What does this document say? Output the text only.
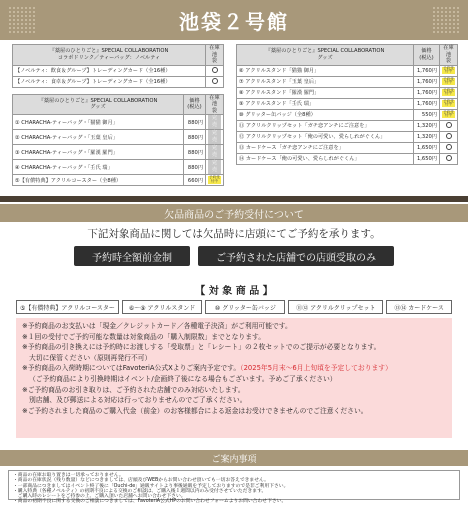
池袋２号館
『薬屋のひとりごと』SPECIAL COLLABORATION
コラボドリンク／ティーバッグ：ノベルティ	在庫
池　袋
【ノベルティ：飲食＆グループ】トレーディングカード（全16種）	
【ノベルティ：食卓＆グループ】トレーディングカード（全16種）	
『薬屋のひとりごと』SPECIAL COLLABORATION
グッズ	価格
(税込)	在庫
池　袋
① CHARACHA-ティーバッグ・「猫猫 御月」	880円	完売
② CHARACHA-ティーバッグ・「玉葉 皇后」	880円	完売
③ CHARACHA-ティーバッグ・「羅漢 羅門」	880円	完売
④ CHARACHA-ティーバッグ・「壬氏 瑞」	880円	完売
⑤【有償特典】アクリルコースター（全8種）	660円	予約受付中
『薬屋のひとりごと』SPECIAL COLLABORATION
グッズ	価格
(税込)	在庫
池　袋
⑥ アクリルスタンド「猫猫 御月」	1,760円	予約受付中
⑦ アクリルスタンド「玉葉 皇后」	1,760円	予約受付中
⑧ アクリルスタンド「羅漢 羅門」	1,760円	予約受付中
⑨ アクリルスタンド「壬氏 瑞」	1,760円	予約受付中
⑩ グリッター缶バッジ（全8種）	550円	予約受付中
⑪ アクリルクリップセット「ガチ恋アンチにご注意を」	1,320円	
⑫ アクリルクリップセット「俺の可愛い、愛らしれがぐくん」	1,320円	
⑬ カードケース「ガチ恋アンチにご注意を」	1,650円	
⑭ カードケース「俺の可愛い、愛らしれがぐくん」	1,650円	
欠品商品のご予約受付について
下記対象商品に関しては欠品時に店頭にてご予約を承ります。
予約時全額前金制	ご予約された店舗での店頭受取のみ
【 対 象 商 品 】
⑤【有償特典】アクリルコースター	⑥〜⑨ アクリルスタンド	⑩ グリッター缶バッジ	⑪⑫ アクリルクリップセット	⑬⑭ カードケース
※予約商品のお支払いは「現金／クレジットカード／各種電子決済」がご利用可能です。
※１回の受付でご予約可能な数量は対象商品の「購入制限数」までとなります。
※予約商品の引き換えには予約時にお渡しする「受取票」と「レシート」の２枚セットでのご提示が必要となります。
大切に保管ください（原則再発行不可）
※予約商品の入荷時期についてはFavoteriA公式Xよりご案内予定です。（2025年5月末〜6月上旬頃を予定しております）
（ご予約商品により引換時期はイベント/企画終了後になる場合もございます。予めご了承ください）
※ご予約商品のお引き取りは、ご予約された店舗でのみ対応いたします。
別店舗、及び郵送による対応は行っておりませんのでご了承ください。
※ご予約されました商品のご購入代金（前金）のお客様都合による返金はお受けできませんのでご注意ください。
ご案内事項
・商品の在庫お取り置きは一切承っておりません。
・商品の在庫状況（残り数量）などにつきましては、店頭及びWEBからお問い合わせ頂いても一切お答えできません。
・一部商品につきましてはイベント終了後に「Ouchi-de」通販サイトより事後通販を予定しておりますので是非ご利用下さい。
・購入特典（各種ノベルティ）の初期不良による交換のご相談は、ご購入後１週間以内のみ受付させていただきます。
　ご購入時のレシートをご持参の上、ご購入頂いた店舗へお問い合わせ下さい。
・商品の初期不良に関する交換のご相談につきましては、FavoteriA公式HPのお問い合わせフォームよりお問い合わせ下さい。
